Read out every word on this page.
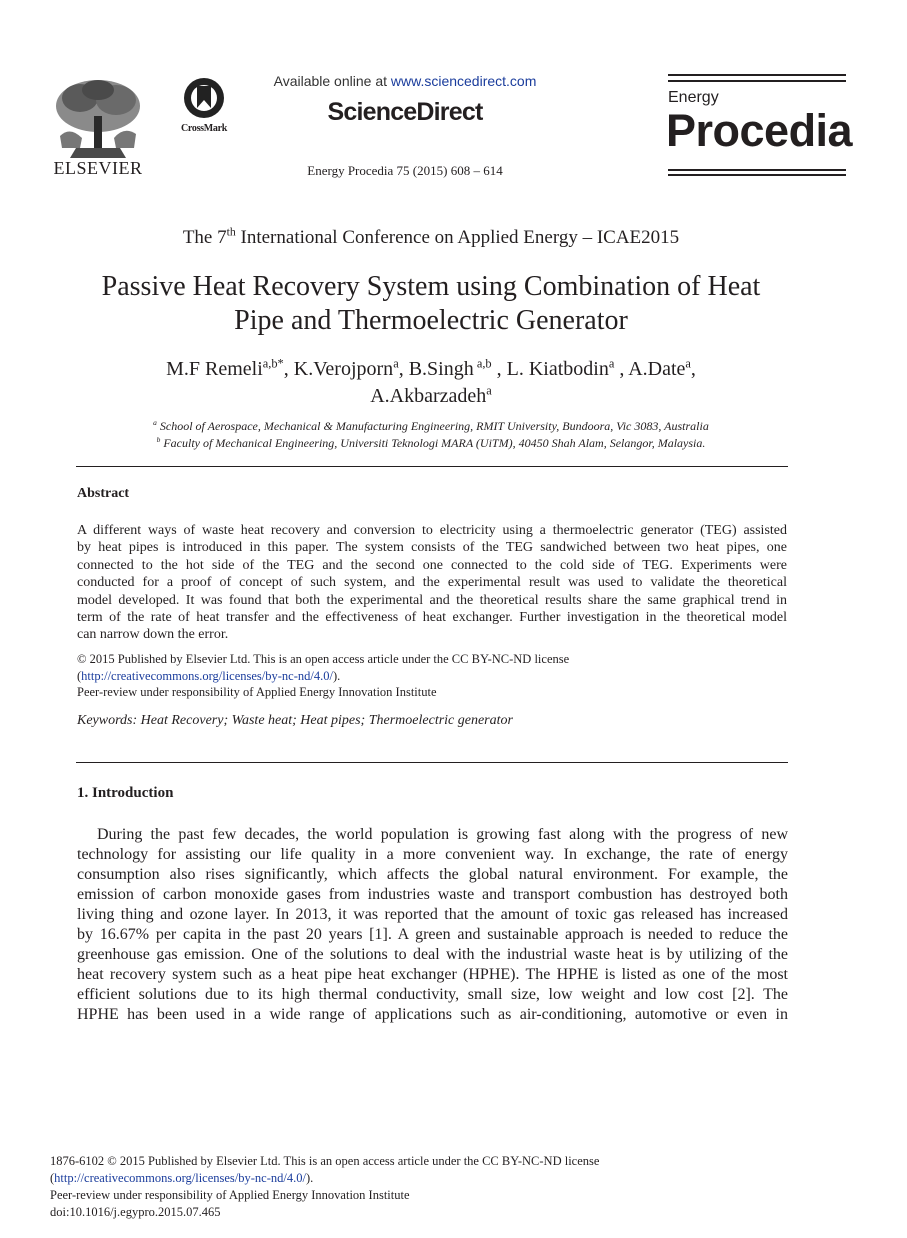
ELSEVIER
CrossMark
Available online at www.sciencedirect.com
ScienceDirect
Energy Procedia 75 (2015) 608 – 614
Energy
Procedia
The 7th International Conference on Applied Energy – ICAE2015
Passive Heat Recovery System using Combination of Heat
Pipe and Thermoelectric Generator
M.F Remeli$^{a,b*}$, K.Verojporn$^a$, B.Singh $^{a,b}$ , L. Kiatbodin$^a$ , A.Date$^a$,
A.Akbarzadeh$^a$
$^a$ School of Aerospace, Mechanical & Manufacturing Engineering, RMIT University, Bundoora, Vic 3083, Australia
$^b$ Faculty of Mechanical Engineering, Universiti Teknologi MARA (UiTM), 40450 Shah Alam, Selangor, Malaysia.
Abstract
A different ways of waste heat recovery and conversion to electricity using a thermoelectric generator (TEG) assisted
by heat pipes is introduced in this paper. The system consists of the TEG sandwiched between two heat pipes, one
connected to the hot side of the TEG and the second one connected to the cold side of TEG. Experiments were
conducted for a proof of concept of such system, and the experimental result was used to validate the theoretical
model developed. It was found that both the experimental and the theoretical results share the same graphical trend in
term of the rate of heat transfer and the effectiveness of heat exchanger. Further investigation in the theoretical model
can narrow down the error.
© 2015 Published by Elsevier Ltd. This is an open access article under the CC BY-NC-ND license
(http://creativecommons.org/licenses/by-nc-nd/4.0/).
Peer-review under responsibility of Applied Energy Innovation Institute
Keywords: Heat Recovery; Waste heat; Heat pipes; Thermoelectric generator
1. Introduction
During the past few decades, the world population is growing fast along with the progress of new
technology for assisting our life quality in a more convenient way. In exchange, the rate of energy
consumption also rises significantly, which affects the global natural environment. For example, the
emission of carbon monoxide gases from industries waste and transport combustion has destroyed both
living thing and ozone layer. In 2013, it was reported that the amount of toxic gas released has increased
by 16.67% per capita in the past 20 years [1]. A green and sustainable approach is needed to reduce the
greenhouse gas emission. One of the solutions to deal with the industrial waste heat is by utilizing of the
heat recovery system such as a heat pipe heat exchanger (HPHE). The HPHE is listed as one of the most
efficient solutions due to its high thermal conductivity, small size, low weight and low cost [2]. The
HPHE has been used in a wide range of applications such as air-conditioning, automotive or even in
1876-6102 © 2015 Published by Elsevier Ltd. This is an open access article under the CC BY-NC-ND license
(http://creativecommons.org/licenses/by-nc-nd/4.0/).
Peer-review under responsibility of Applied Energy Innovation Institute
doi:10.1016/j.egypro.2015.07.465
